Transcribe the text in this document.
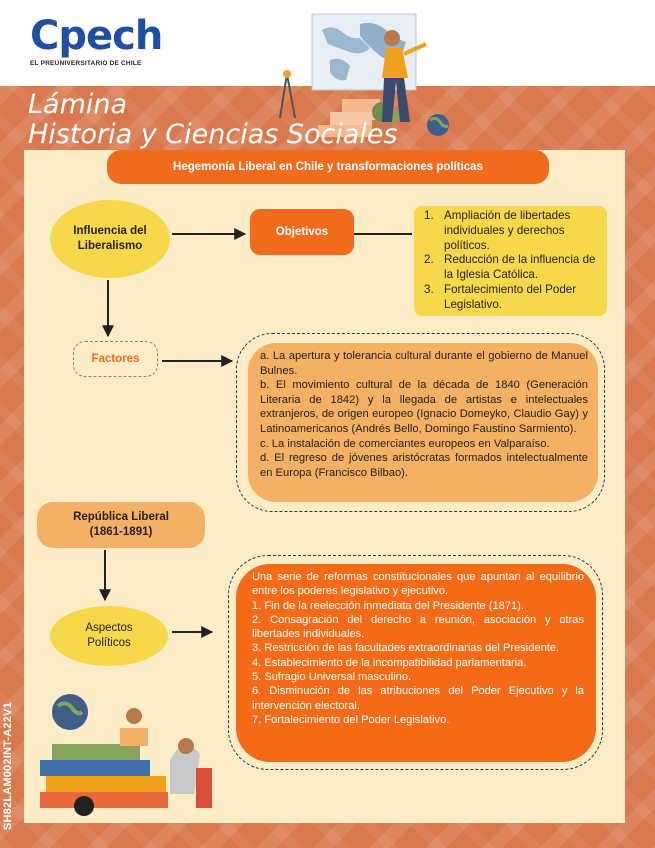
Cpech
EL PREUNIVERSITARIO DE CHILE
Lámina
Historia y Ciencias Sociales
Hegemonía Liberal en Chile y transformaciones políticas
Influencia del
Liberalismo
Objetivos
1. Ampliación de libertades individuales y derechos políticos.
2. Reducción de la influencia de la Iglesia Católica.
3. Fortalecimiento del Poder Legislativo.
Factores	a. La apertura y tolerancia cultural durante el gobierno de Manuel Bulnes.

b. El movimiento cultural de la década de 1840 (Generación Literaria de 1842) y la llegada de artistas e intelectuales extranjeros, de origen europeo (Ignacio Domeyko, Claudio Gay) y Latinoamericanos (Andrés Bello, Domingo Faustino Sarmiento).

c. La instalación de comerciantes europeos en Valparaíso.

d. El regreso de jóvenes aristócratas formados intelectualmente en Europa (Francisco Bilbao).

República Liberal
(1861-1891)
Aspectos
Políticos

Una serie de reformas constitucionales que apuntan al equilibrio entre los poderes legislativo y ejecutivo.

1. Fin de la reelección inmediata del Presidente (1871).

2. Consagración del derecho a reunión, asociación y otras libertades individuales.

3. Restricción de las facultades extraordinarias del Presidente.

4. Establecimiento de la incompatibilidad parlamentaria.

5. Sufragio Universal masculino.

6. Disminución de las atribuciones del Poder Ejecutivo y la intervención electoral.

7. Fortalecimiento del Poder Legislativo.

SH82LAM002INT-A22V1
